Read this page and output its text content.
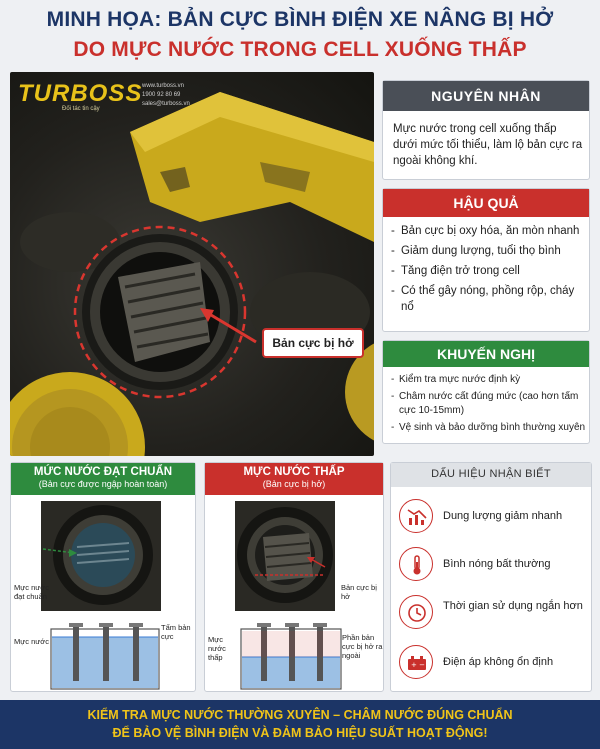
MINH HỌA: BẢN CỰC BÌNH ĐIỆN XE NÂNG BỊ HỞ
DO MỰC NƯỚC TRONG CELL XUỐNG THẤP
TURBOSS
Đối tác tin cậy
www.turboss.vn
1900 92 80 69
sales@turboss.vn
Bản cực bị hở
NGUYÊN NHÂN

Mực nước trong cell xuống thấp dưới mức tối thiểu, làm lộ bản cực ra ngoài không khí.

HẬU QUẢ
- Bản cực bị oxy hóa, ăn mòn nhanh
- Giảm dung lượng, tuổi thọ bình
- Tăng điện trở trong cell
- Có thể gây nóng, phồng rộp, cháy nổ
KHUYẾN NGHỊ
- Kiểm tra mực nước định kỳ
- Châm nước cất đúng mức (cao hơn tấm cực 10-15mm)
- Vệ sinh và bảo dưỡng bình thường xuyên
MỨC NƯỚC ĐẠT CHUẨN
(Bản cực được ngập hoàn toàn)
Mực nước đạt chuẩn
Mực nước
Tấm bản cực
MỰC NƯỚC THẤP
(Bản cực bị hở)
Bản cực bị hở
Mực nước thấp
Phần bản cực bị hở ra ngoài
DẤU HIỆU NHẬN BIẾT
Dung lượng giảm nhanh
Bình nóng bất thường
Thời gian sử dụng ngắn hơn
+ − Điện áp không ổn định
KIỂM TRA MỰC NƯỚC THƯỜNG XUYÊN – CHÂM NƯỚC ĐÚNG CHUẨN
ĐỂ BẢO VỆ BÌNH ĐIỆN VÀ ĐẢM BẢO HIỆU SUẤT HOẠT ĐỘNG!
